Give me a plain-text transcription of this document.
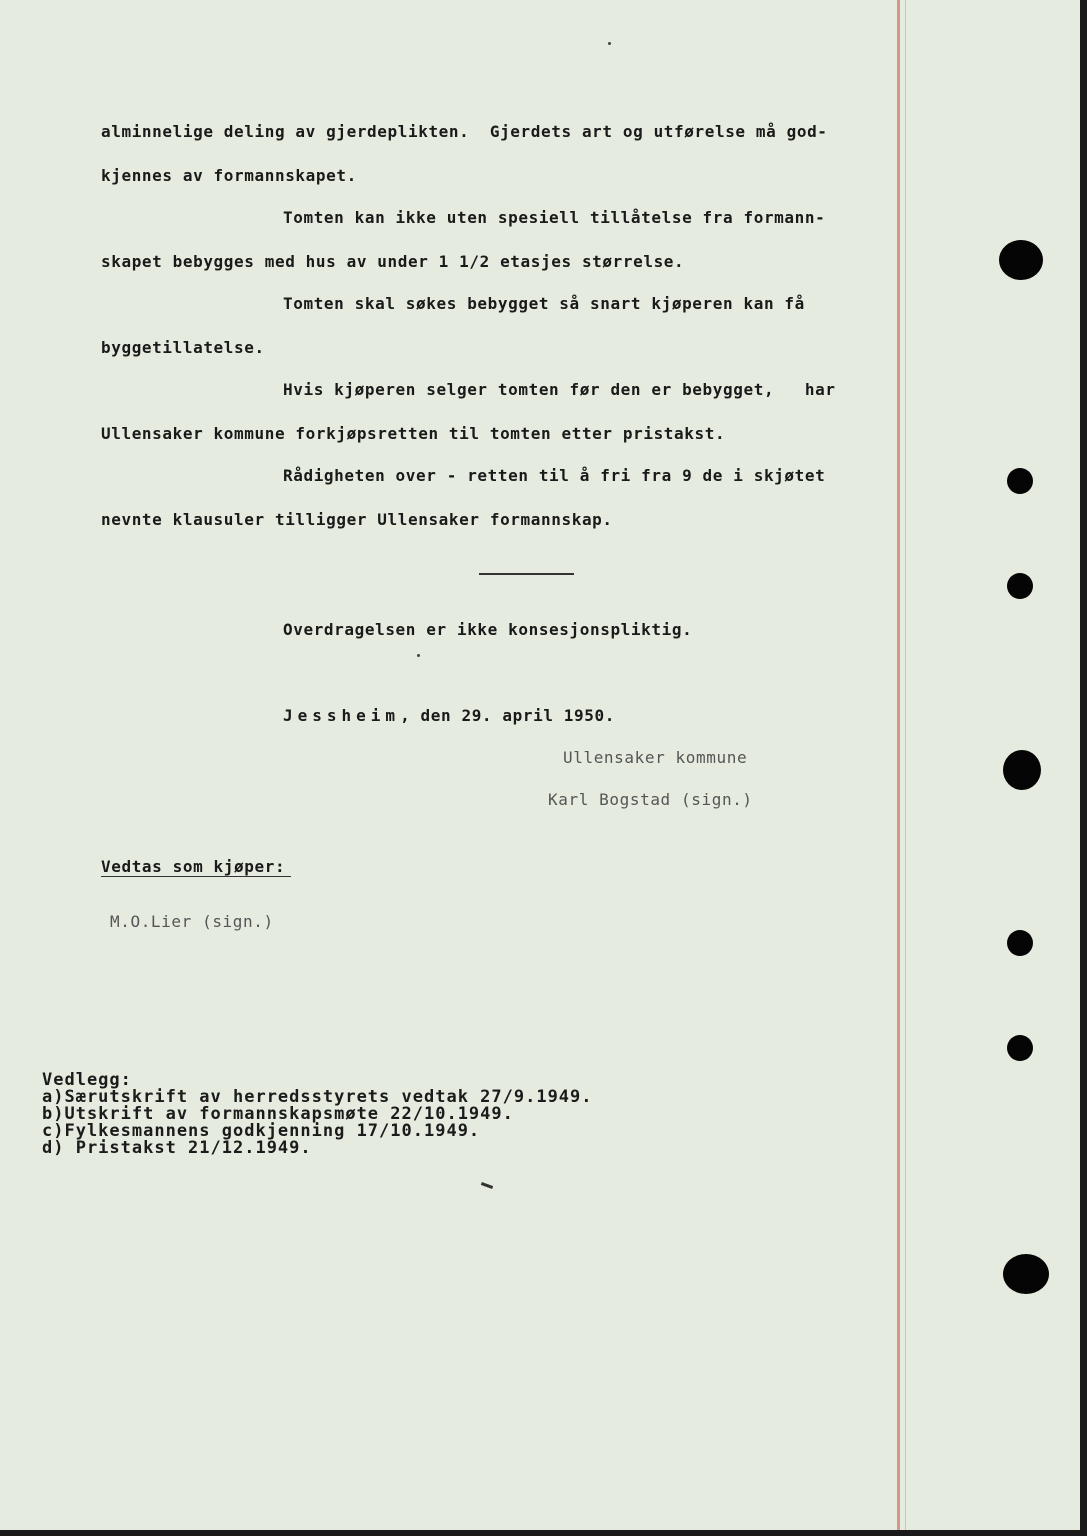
alminnelige deling av gjerdeplikten.  Gjerdets art og utførelse må god-
kjennes av formannskapet.
Tomten kan ikke uten spesiell tillåtelse fra formann-
skapet bebygges med hus av under 1 1/2 etasjes størrelse.
Tomten skal søkes bebygget så snart kjøperen kan få
byggetillatelse.
Hvis kjøperen selger tomten før den er bebygget,   har
Ullensaker kommune forkjøpsretten til tomten etter pristakst.
Rådigheten over - retten til å fri fra 9 de i skjøtet
nevnte klausuler tilligger Ullensaker formannskap.
Overdragelsen er ikke konsesjonspliktig.
Jessheim, den 29. april 1950.
Ullensaker kommune
Karl Bogstad (sign.)
Vedtas som kjøper:
M.O.Lier (sign.)
Vedlegg:
a)Særutskrift av herredsstyrets vedtak 27/9.1949.
b)Utskrift av formannskapsmøte 22/10.1949.
c)Fylkesmannens godkjenning 17/10.1949.
d) Pristakst 21/12.1949.
